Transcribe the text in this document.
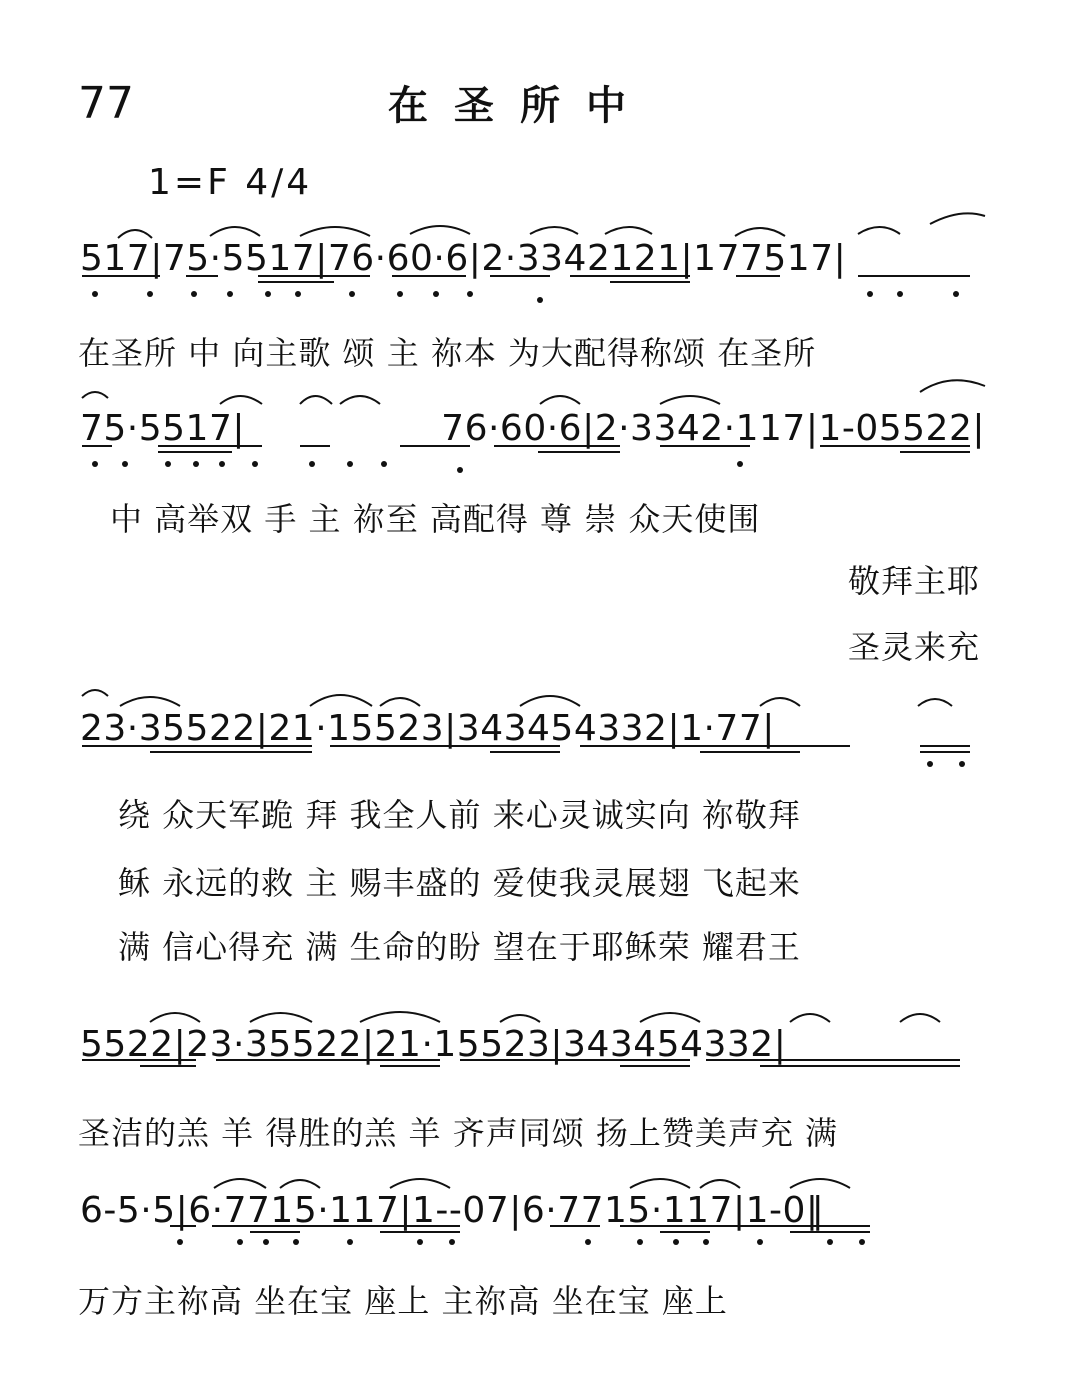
77	在圣所中
1=F 4/4
517|75·5517|76·60·6|2·3342121|177517|
在圣所 中 向主歌 颂 主 祢本 为大配得称颂 在圣所
75·5517| 76·60·6|2·3342·117|1-05522|
中 高举双 手 主 祢至 高配得 尊 崇 众天使围
敬拜主耶
圣灵来充
23·35522|21·15523|343454332|1·77|
绕 众天军跪 拜 我全人前 来心灵诚实向 祢敬拜
稣 永远的救 主 赐丰盛的 爱使我灵展翅 飞起来
满 信心得充 满 生命的盼 望在于耶稣荣 耀君王
5522|23·35522|21·15523|343454332|
圣洁的羔 羊 得胜的羔 羊 齐声同颂 扬上赞美声充 满
6-5·5|6·7715·117|1--07|6·7715·117|1-0‖
万方主祢高 坐在宝 座上 主祢高 坐在宝 座上
